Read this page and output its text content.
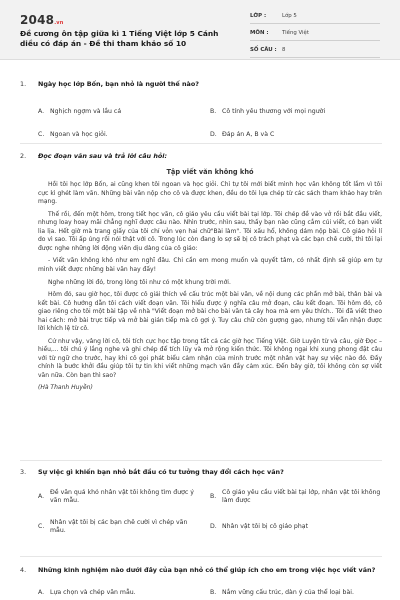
2048.vn
Đề cương ôn tập giữa kì 1 Tiếng Việt lớp 5 Cánh diều có đáp án - Đề thi tham khảo số 10
LỚP :	Lớp 5
MÔN :	Tiếng Việt
SỐ CÂU : 8
1.	Ngày học lớp Bốn, bạn nhỏ là người thế nào?
A. Nghịch ngợm và lầu cá	B. Cô tính yêu thương với mọi người
C. Ngoan và học giỏi.	D. Đáp án A, B và C
2.	Đọc đoạn văn sau và trả lời câu hỏi:

Tập viết văn không khó

Hồi tôi học lớp Bốn, ai cũng khen tôi ngoan và học giỏi. Chỉ tự tôi mới biết mình học văn không tốt lắm vì tôi cực kì ghét làm văn. Những bài văn nộp cho cô và được khen, đều do tôi lựa chép từ các sách tham khảo hay trên mạng.

Thế rồi, đến một hôm, trong tiết học văn, cô giáo yêu cầu viết bài tại lớp. Tôi chép đề vào vở rồi bắt đầu viết, nhưng loay hoay mãi chẳng nghĩ được câu nào. Nhìn trước, nhìn sau, thấy bạn nào cũng cắm cúi viết, có bạn viết lia lịa. Hết giờ mà trang giấy của tôi chỉ vỏn vẹn hai chữ"Bài làm". Tôi xấu hổ, không dám nộp bài. Cô giáo hỏi lí do vì sao. Tôi ấp úng rồi nói thật với cô. Trong lúc còn đang lo sợ sẽ bị cô trách phạt và các bạn chê cười, thì tôi lại được nghe những lời động viên dịu dàng của cô giáo:

- Viết văn không khó như em nghĩ đâu. Chỉ cần em mong muốn và quyết tâm, có nhất định sẽ giúp em tự mình viết được những bài văn hay đấy!

Nghe những lời đó, trong lòng tôi như có một khung trời mới.

Hôm đó, sau giờ học, tôi được cô giải thích về cấu trúc một bài văn, về nội dung các phần mở bài, thân bài và kết bài. Cô hướng dẫn tôi cách viết đoạn văn. Tôi hiểu được ý nghĩa câu mở đoạn, câu kết đoạn. Tôi hôm đó, cô giao riêng cho tôi một bài tập về nhà "Viết đoạn mở bài cho bài văn tả cây hoa mà em yêu thích.. Tôi đã viết theo hai cách: mở bài trực tiếp và mở bài gián tiếp mà cô gợi ý. Tuy câu chữ còn gượng gạo, nhưng tôi vẫn nhận được lời khích lệ từ cô.

Cứ như vậy, vâng lời cô, tôi tích cực học tập trong tất cả các giờ học Tiếng Việt. Giờ Luyện từ và câu, giờ Đọc – hiểu,... tôi chú ý lắng nghe và ghi chép để tích lũy và mở rộng kiến thức. Tôi không ngại khi xung phong đặt câu với từ ngữ cho trước, hay khi cô gọi phát biểu cảm nhận của mình trước một nhân vật hay sự việc nào đó. Đấy chính là bước khởi đầu giúp tôi tự tin khi viết những mạch văn đầy cảm xúc. Đến bây giờ, tôi không còn sợ viết văn nữa. Còn bạn thì sao?

(Hà Thanh Huyền)

3.	Sự việc gì khiến bạn nhỏ bắt đầu có tư tưởng thay đổi cách học văn?
A.
Đề văn quá khó nhân vật tôi không tìm được ý văn mẫu.
B.
Cô giáo yêu cầu viết bài tại lớp, nhân vật tôi không làm được
C.
Nhân vật tôi bị các bạn chê cười vì chép văn mẫu.
D. Nhân vật tôi bị cô giáo phạt
4.	Những kinh nghiệm nào dưới đây của bạn nhỏ có thể giúp ích cho em trong việc học viết văn?
A. Lựa chọn và chép văn mẫu.	B. Nắm vững cấu trúc, dàn ý của thể loại bài.
